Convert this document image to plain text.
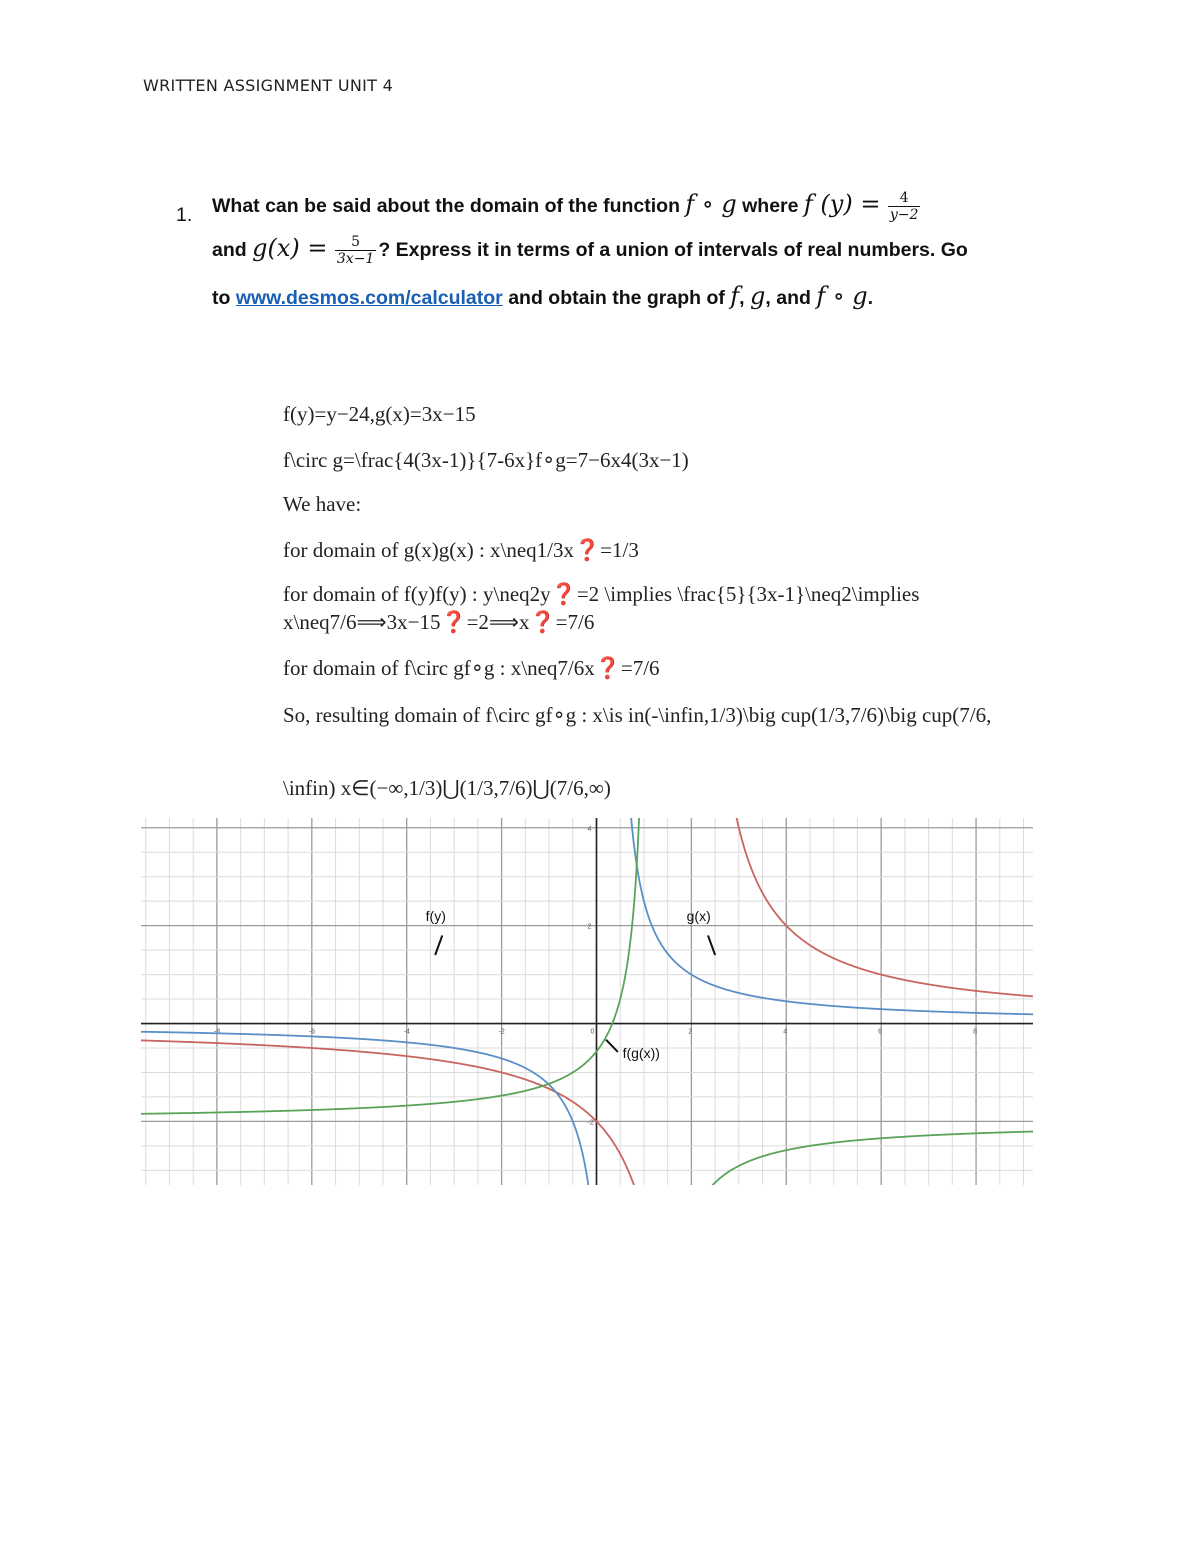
WRITTEN ASSIGNMENT UNIT 4
1. What can be said about the domain of the function f ∘ g where f $(y) = \frac{4}{y-2}$
and $g(x) = \frac{5}{3x-1}$ ? Express it in terms of a union of intervals of real numbers. Go
to www.desmos.com/calculator and obtain the graph of f, g, and f ∘ g.
f(y)=y−24,g(x)=3x−15
f\circ g=\frac{4(3x-1)}{7-6x}f∘g=7−6x4(3x−1)
We have:
for domain of g(x)g(x) : x\neq1/3x❓=1/3
for domain of f(y)f(y) : y\neq2y❓=2 \implies \frac{5}{3x-1}\neq2\implies x\neq7/6⟹3x−15❓=2⟹x❓=7/6
for domain of f\circ gf∘g : x\neq7/6x❓=7/6
So, resulting domain of f\circ gf∘g : x\is in(-\infin,1/3)\big cup(1/3,7/6)\big cup(7/6,
\infin) x∈(−∞,1/3)⋃(1/3,7/6)⋃(7/6,∞)
-8	-6	-4	-2	0	2	4	6	8
4
2
-2
f(y)	g(x)
f(g(x))
